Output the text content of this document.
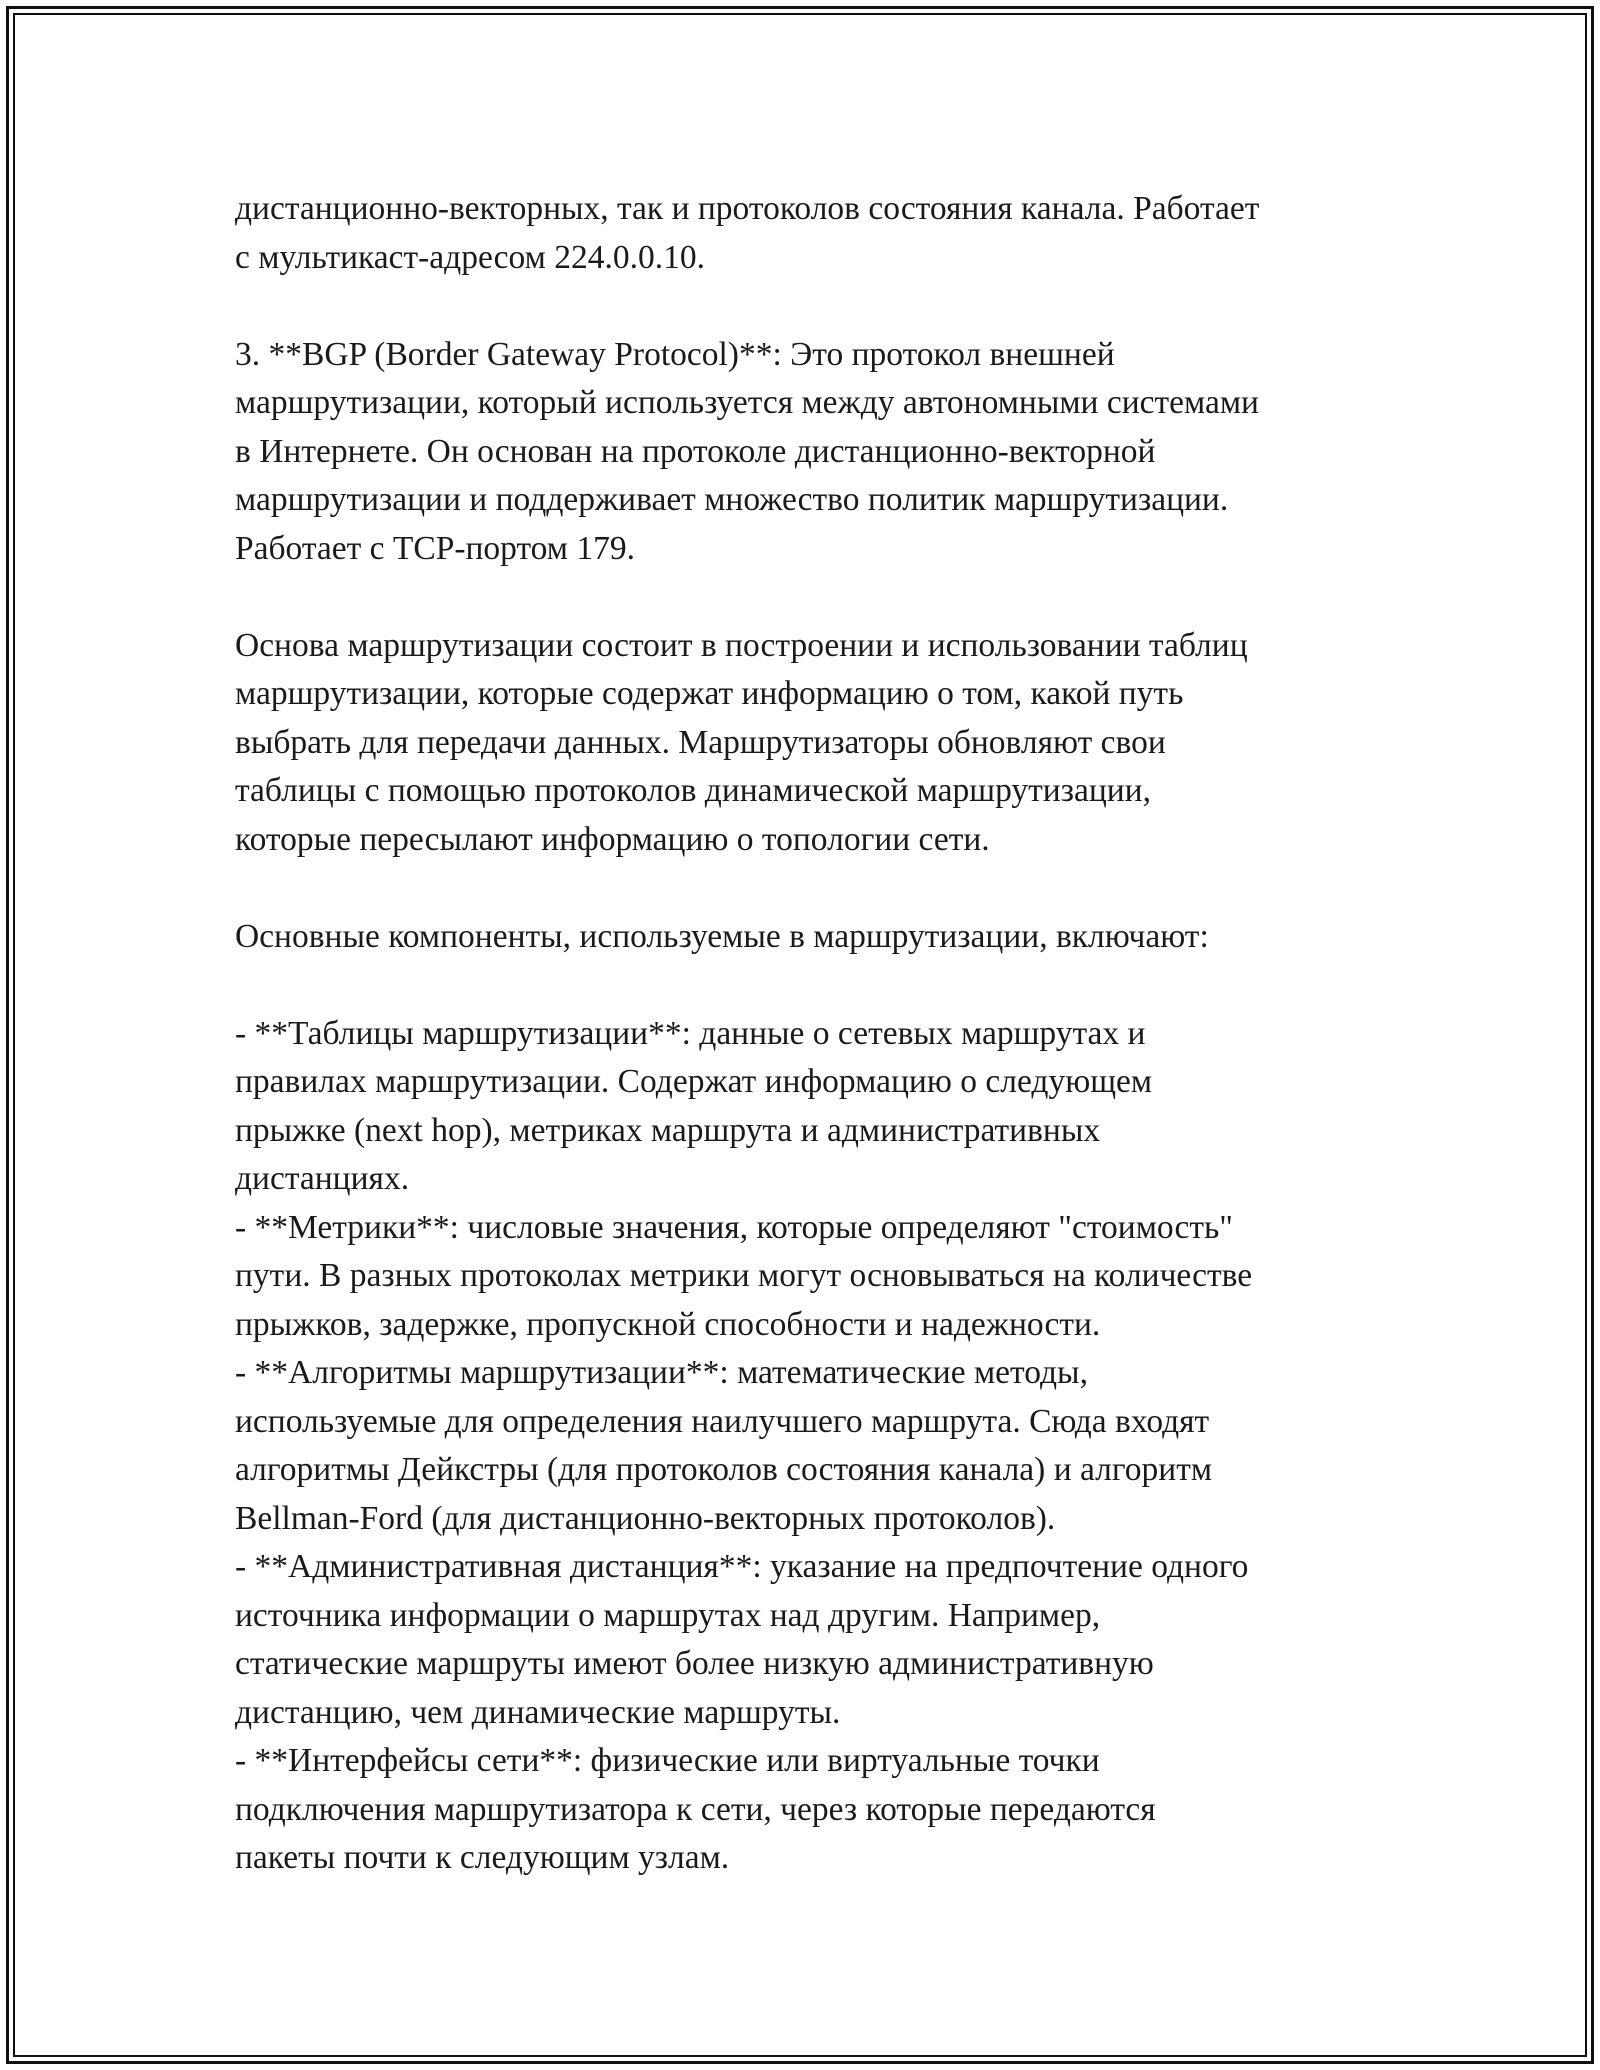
дистанционно-векторных, так и протоколов состояния канала. Работает
с мультикаст-адресом 224.0.0.10.

3. **BGP (Border Gateway Protocol)**: Это протокол внешней
маршрутизации, который используется между автономными системами
в Интернете. Он основан на протоколе дистанционно-векторной
маршрутизации и поддерживает множество политик маршрутизации.
Работает с TCP-портом 179.

Основа маршрутизации состоит в построении и использовании таблиц
маршрутизации, которые содержат информацию о том, какой путь
выбрать для передачи данных. Маршрутизаторы обновляют свои
таблицы с помощью протоколов динамической маршрутизации,
которые пересылают информацию о топологии сети.

Основные компоненты, используемые в маршрутизации, включают:

- **Таблицы маршрутизации**: данные о сетевых маршрутах и
правилах маршрутизации. Содержат информацию о следующем
прыжке (next hop), метриках маршрута и административных
дистанциях.
- **Метрики**: числовые значения, которые определяют "стоимость"
пути. В разных протоколах метрики могут основываться на количестве
прыжков, задержке, пропускной способности и надежности.
- **Алгоритмы маршрутизации**: математические методы,
используемые для определения наилучшего маршрута. Сюда входят
алгоритмы Дейкстры (для протоколов состояния канала) и алгоритм
Bellman-Ford (для дистанционно-векторных протоколов).
- **Административная дистанция**: указание на предпочтение одного
источника информации о маршрутах над другим. Например,
статические маршруты имеют более низкую административную
дистанцию, чем динамические маршруты.
- **Интерфейсы сети**: физические или виртуальные точки
подключения маршрутизатора к сети, через которые передаются
пакеты почти к следующим узлам.
